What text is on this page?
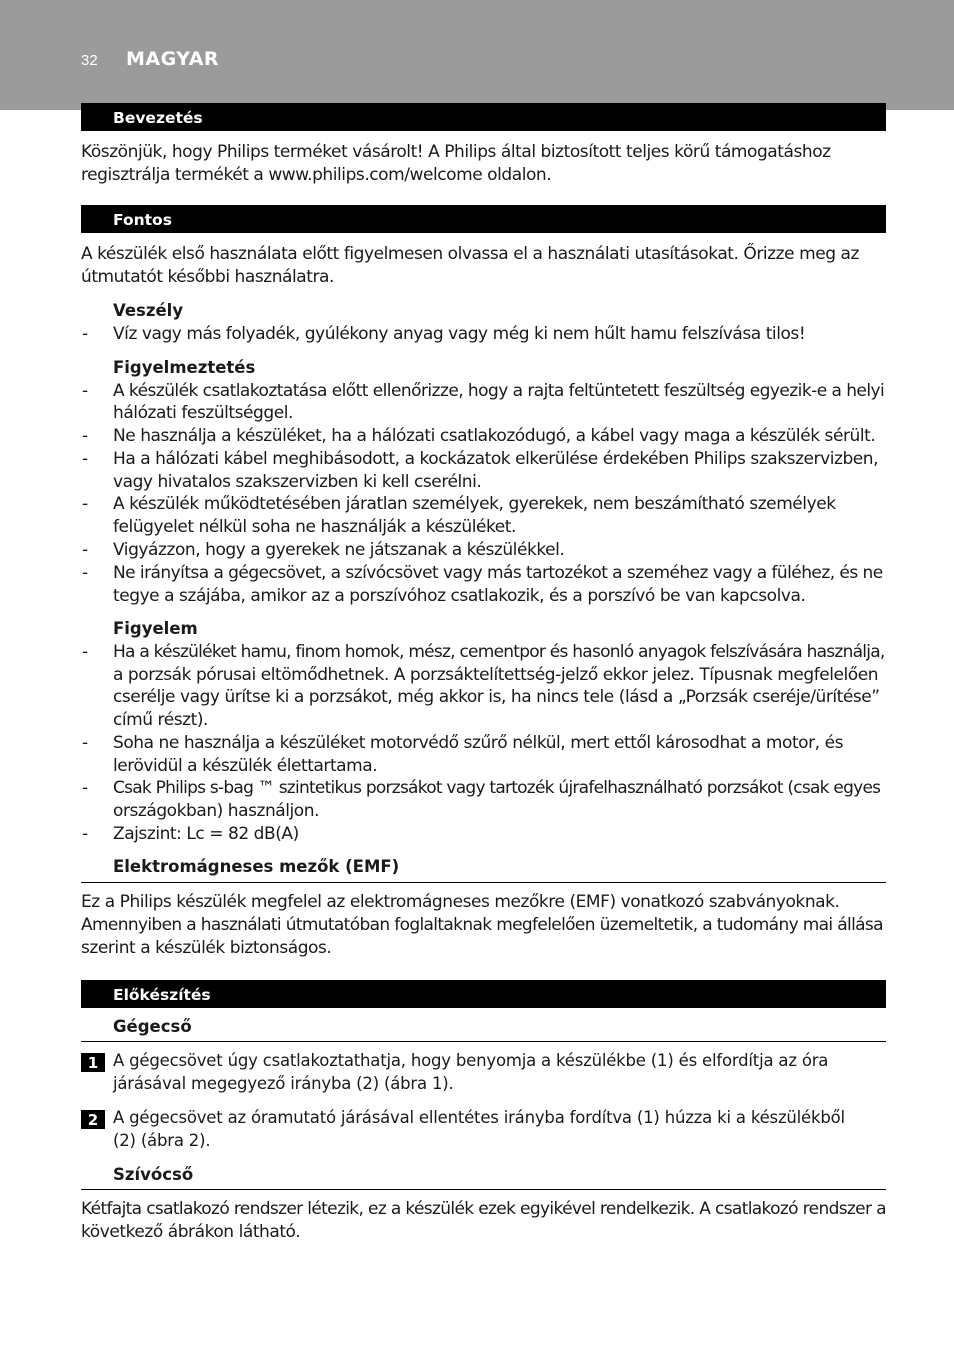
32 MAGYAR
Bevezetés
Köszönjük, hogy Philips terméket vásárolt! A Philips által biztosított teljes körű támogatáshoz
regisztrálja termékét a www.philips.com/welcome oldalon.
Fontos
A készülék első használata előtt figyelmesen olvassa el a használati utasításokat. Őrizze meg az
útmutatót későbbi használatra.
Veszély
- Víz vagy más folyadék, gyúlékony anyag vagy még ki nem hűlt hamu felszívása tilos!
Figyelmeztetés
- A készülék csatlakoztatása előtt ellenőrizze, hogy a rajta feltüntetett feszültség egyezik-e a helyi
hálózati feszültséggel.
- Ne használja a készüléket, ha a hálózati csatlakozódugó, a kábel vagy maga a készülék sérült.
- Ha a hálózati kábel meghibásodott, a kockázatok elkerülése érdekében Philips szakszervizben,
vagy hivatalos szakszervizben ki kell cserélni.
- A készülék működtetésében járatlan személyek, gyerekek, nem beszámítható személyek
felügyelet nélkül soha ne használják a készüléket.
- Vigyázzon, hogy a gyerekek ne játszanak a készülékkel.
- Ne irányítsa a gégecsövet, a szívócsövet vagy más tartozékot a szeméhez vagy a füléhez, és ne
tegye a szájába, amikor az a porszívóhoz csatlakozik, és a porszívó be van kapcsolva.
Figyelem
- Ha a készüléket hamu, finom homok, mész, cementpor és hasonló anyagok felszívására használja,
a porzsák pórusai eltömődhetnek. A porzsáktelítettség-jelző ekkor jelez. Típusnak megfelelően
cserélje vagy ürítse ki a porzsákot, még akkor is, ha nincs tele (lásd a „Porzsák cseréje/ürítése”
című részt).
- Soha ne használja a készüléket motorvédő szűrő nélkül, mert ettől károsodhat a motor, és
lerövidül a készülék élettartama.
- Csak Philips s-bag ™ szintetikus porzsákot vagy tartozék újrafelhasználható porzsákot (csak egyes
országokban) használjon.
- Zajszint: Lc = 82 dB(A)
Elektromágneses mezők (EMF)
Ez a Philips készülék megfelel az elektromágneses mezőkre (EMF) vonatkozó szabványoknak.
Amennyiben a használati útmutatóban foglaltaknak megfelelően üzemeltetik, a tudomány mai állása
szerint a készülék biztonságos.
Előkészítés
Gégecső
1 A gégecsövet úgy csatlakoztathatja, hogy benyomja a készülékbe (1) és elfordítja az óra
járásával megegyező irányba (2) (ábra 1).
2 A gégecsövet az óramutató járásával ellentétes irányba fordítva (1) húzza ki a készülékből
(2) (ábra 2).
Szívócső
Kétfajta csatlakozó rendszer létezik, ez a készülék ezek egyikével rendelkezik. A csatlakozó rendszer a
következő ábrákon látható.
